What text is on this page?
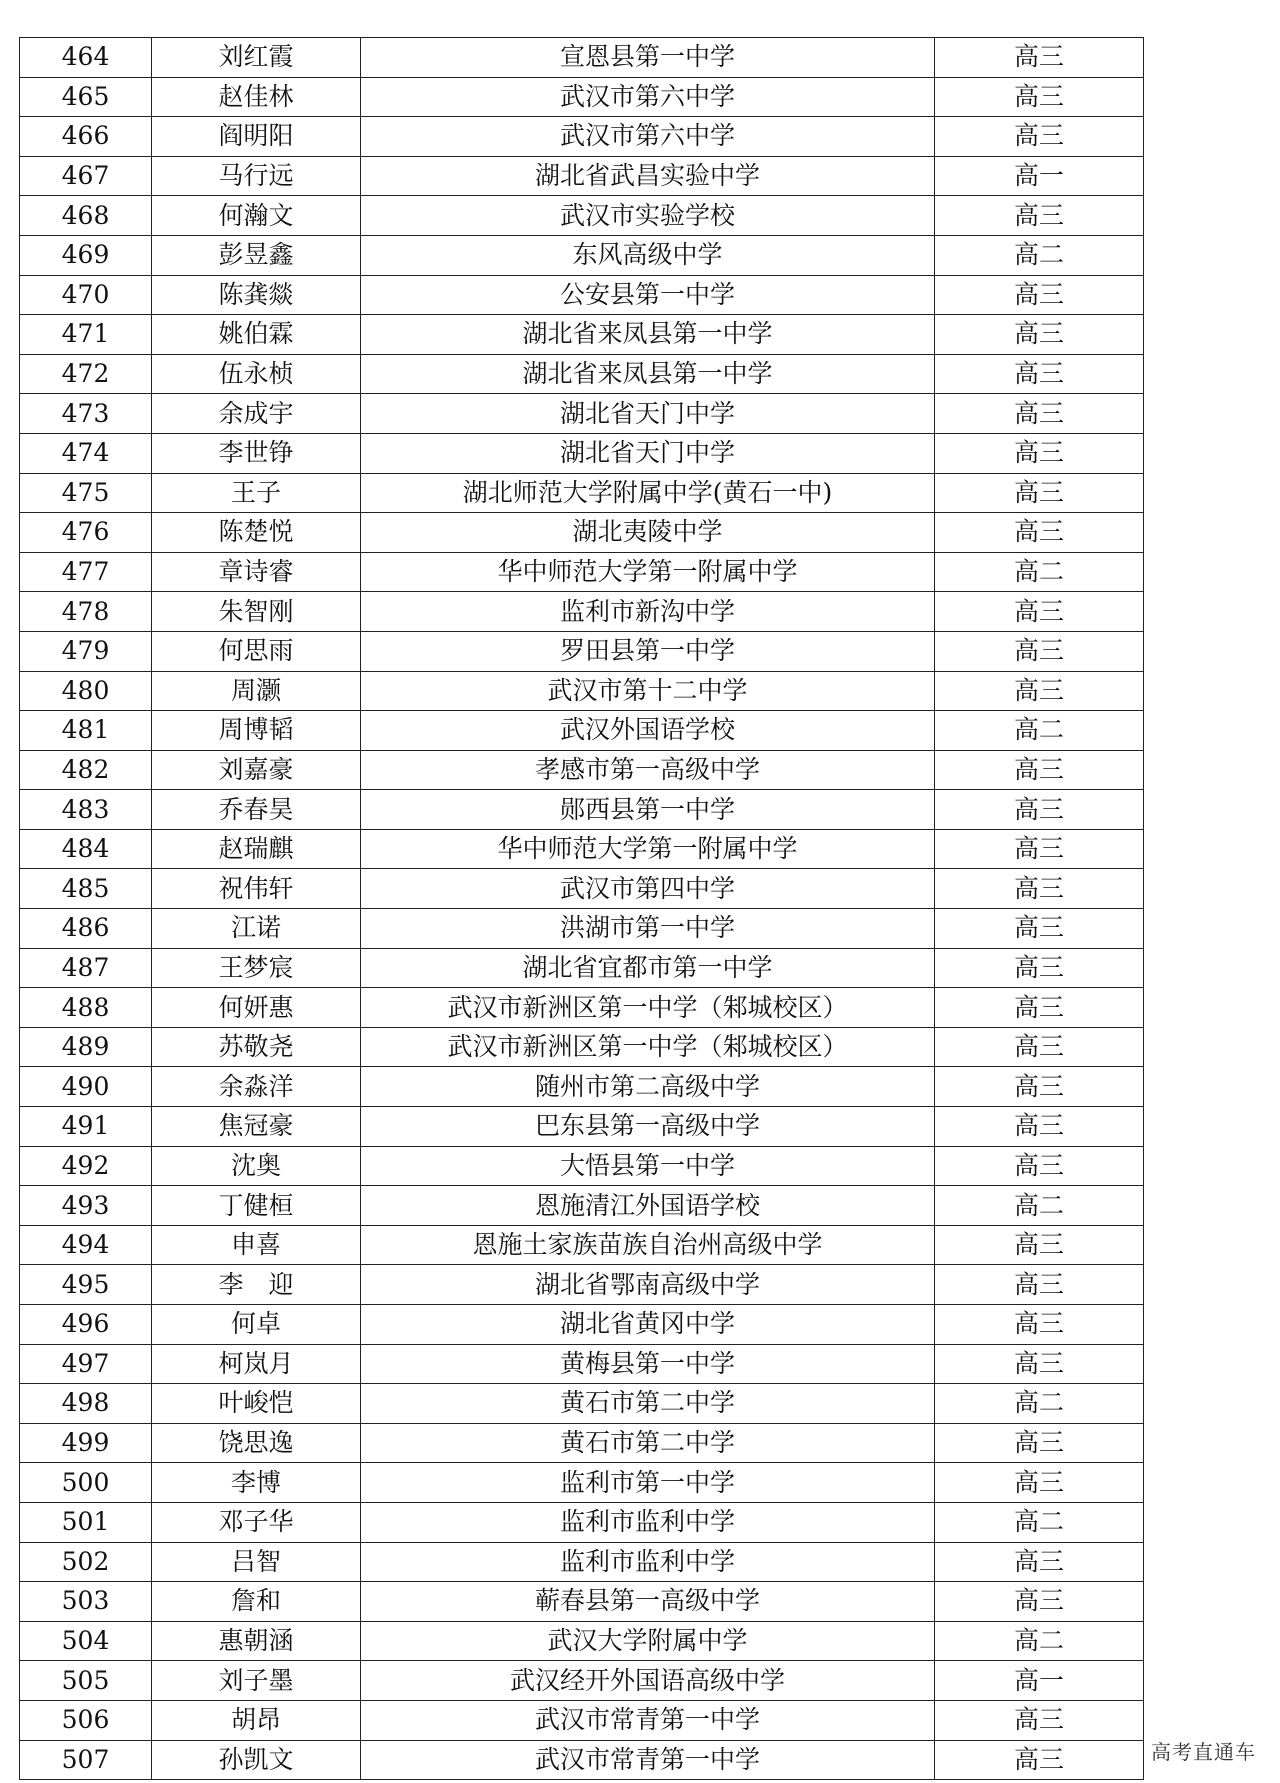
464	刘红霞	宣恩县第一中学	高三
465	赵佳林	武汉市第六中学	高三
466	阎明阳	武汉市第六中学	高三
467	马行远	湖北省武昌实验中学	高一
468	何瀚文	武汉市实验学校	高三
469	彭昱鑫	东风高级中学	高二
470	陈龚燚	公安县第一中学	高三
471	姚伯霖	湖北省来凤县第一中学	高三
472	伍永桢	湖北省来凤县第一中学	高三
473	余成宇	湖北省天门中学	高三
474	李世铮	湖北省天门中学	高三
475	王子	湖北师范大学附属中学(黄石一中)	高三
476	陈楚悦	湖北夷陵中学	高三
477	章诗睿	华中师范大学第一附属中学	高二
478	朱智刚	监利市新沟中学	高三
479	何思雨	罗田县第一中学	高三
480	周灏	武汉市第十二中学	高三
481	周博韬	武汉外国语学校	高二
482	刘嘉豪	孝感市第一高级中学	高三
483	乔春昊	郧西县第一中学	高三
484	赵瑞麒	华中师范大学第一附属中学	高三
485	祝伟轩	武汉市第四中学	高三
486	江诺	洪湖市第一中学	高三
487	王梦宸	湖北省宜都市第一中学	高三
488	何妍惠	武汉市新洲区第一中学（邾城校区）	高三
489	苏敬尧	武汉市新洲区第一中学（邾城校区）	高三
490	余淼洋	随州市第二高级中学	高三
491	焦冠豪	巴东县第一高级中学	高三
492	沈奥	大悟县第一中学	高三
493	丁健桓	恩施清江外国语学校	高二
494	申喜	恩施土家族苗族自治州高级中学	高三
495	李　迎	湖北省鄂南高级中学	高三
496	何卓	湖北省黄冈中学	高三
497	柯岚月	黄梅县第一中学	高三
498	叶峻恺	黄石市第二中学	高二
499	饶思逸	黄石市第二中学	高三
500	李博	监利市第一中学	高三
501	邓子华	监利市监利中学	高二
502	吕智	监利市监利中学	高三
503	詹和	蕲春县第一高级中学	高三
504	惠朝涵	武汉大学附属中学	高二
505	刘子墨	武汉经开外国语高级中学	高一
506	胡昂	武汉市常青第一中学	高三
507	孙凯文	武汉市常青第一中学	高三	高考直通车
